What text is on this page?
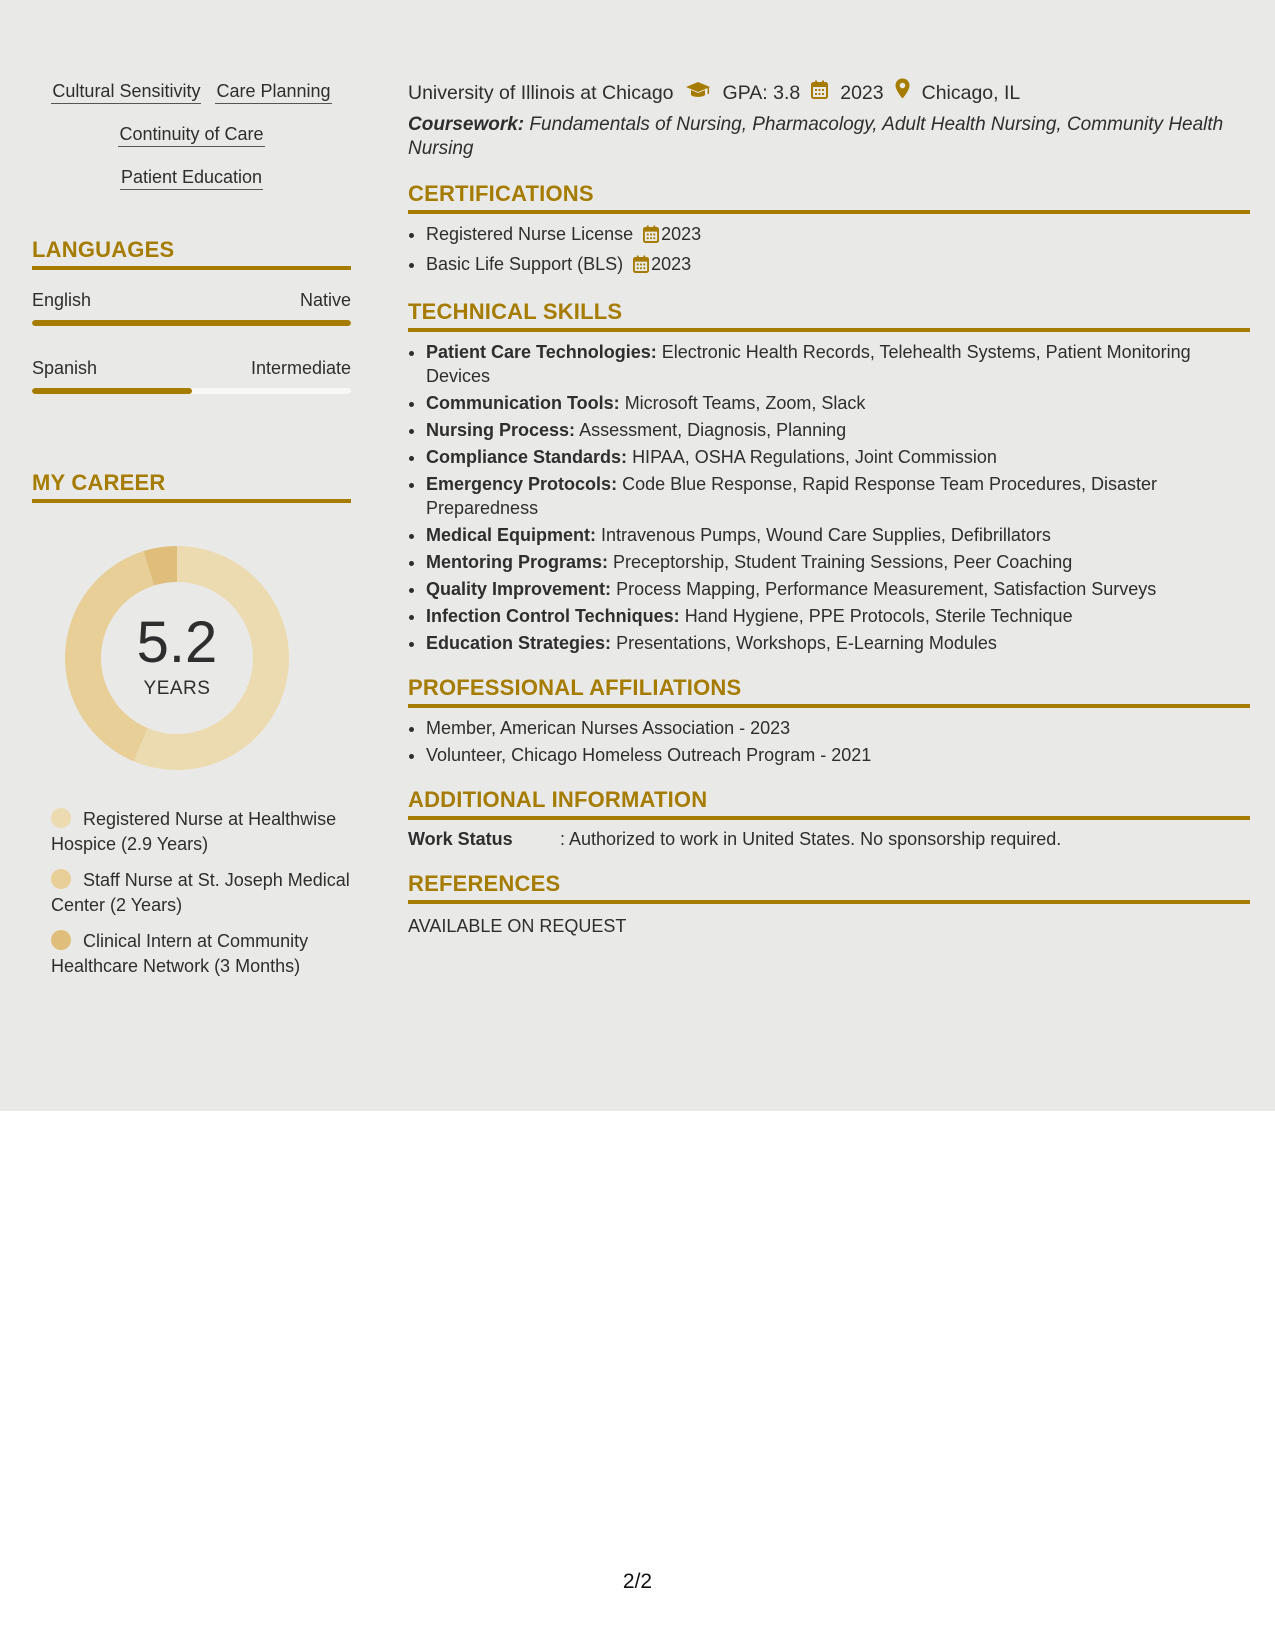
Cultural Sensitivity Care Planning
Continuity of Care
Patient Education
LANGUAGES
English	Native
Spanish	Intermediate
MY CAREER
5.2
YEARS
Registered Nurse at Healthwise Hospice (2.9 Years)
Staff Nurse at St. Joseph Medical Center (2 Years)
Clinical Intern at Community Healthcare Network (3 Months)
University of Illinois at Chicago	GPA: 3.8 2023 Chicago, IL
Coursework: Fundamentals of Nursing, Pharmacology, Adult Health Nursing, Community Health Nursing
CERTIFICATIONS
• Registered Nurse License 2023
• Basic Life Support (BLS) 2023
TECHNICAL SKILLS
• Patient Care Technologies: Electronic Health Records, Telehealth Systems, Patient Monitoring Devices
• Communication Tools: Microsoft Teams, Zoom, Slack
• Nursing Process: Assessment, Diagnosis, Planning
• Compliance Standards: HIPAA, OSHA Regulations, Joint Commission
• Emergency Protocols: Code Blue Response, Rapid Response Team Procedures, Disaster Preparedness
• Medical Equipment: Intravenous Pumps, Wound Care Supplies, Defibrillators
• Mentoring Programs: Preceptorship, Student Training Sessions, Peer Coaching
• Quality Improvement: Process Mapping, Performance Measurement, Satisfaction Surveys
• Infection Control Techniques: Hand Hygiene, PPE Protocols, Sterile Technique
• Education Strategies: Presentations, Workshops, E-Learning Modules
PROFESSIONAL AFFILIATIONS
• Member, American Nurses Association - 2023
• Volunteer, Chicago Homeless Outreach Program - 2021
ADDITIONAL INFORMATION
Work Status	: Authorized to work in United States. No sponsorship required.
REFERENCES
AVAILABLE ON REQUEST
2/2
